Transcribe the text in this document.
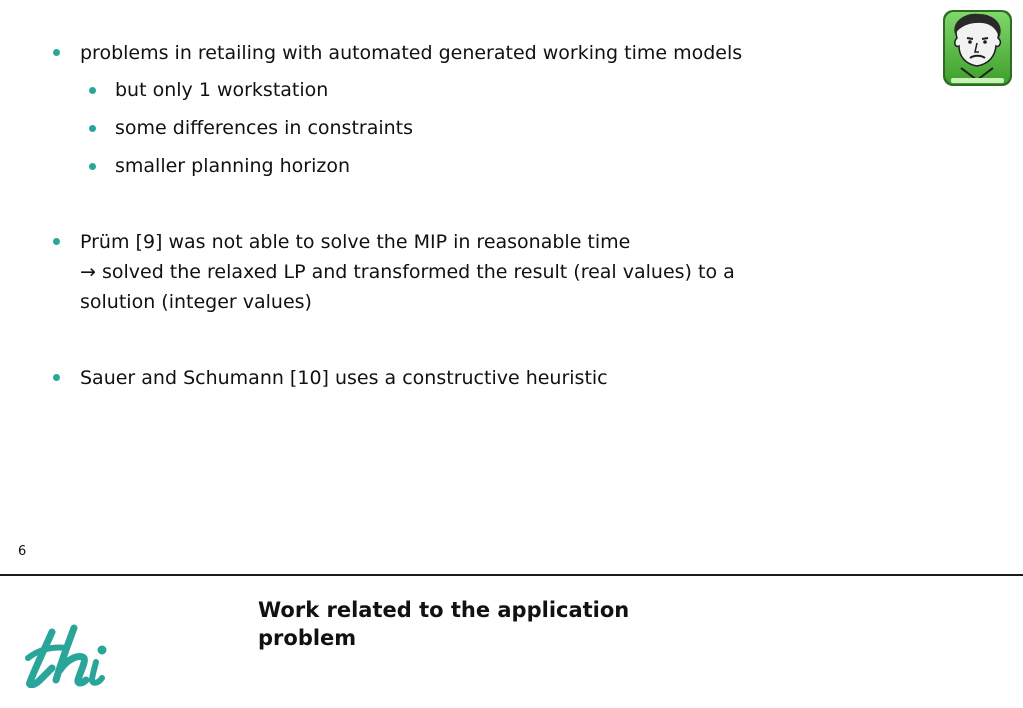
problems in retailing with automated generated working time models
but only 1 workstation
some differences in constraints
smaller planning horizon
Prüm [9] was not able to solve the MIP in reasonable time
→ solved the relaxed LP and transformed the result (real values) to a
solution (integer values)
Sauer and Schumann [10] uses a constructive heuristic
6
Work related to the application
problem
